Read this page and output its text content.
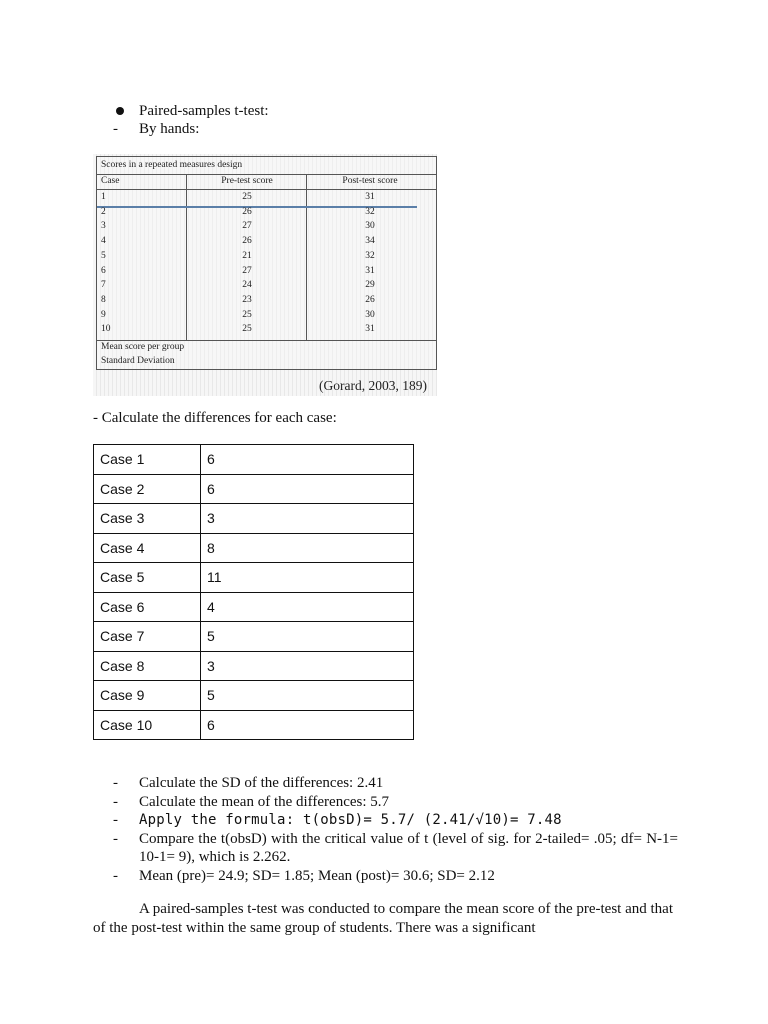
Paired-samples t-test:
-	By hands:
Scores in a repeated measures design
Case	Pre-test score	Post-test score
1	25	31
2	26	32
3	27	30
4	26	34
5	21	32
6	27	31
7	24	29
8	23	26
9	25	30
10	25	31
Mean score per group
Standard Deviation
(Gorard, 2003, 189)
- Calculate the differences for each case:
Case 1	6
Case 2	6
Case 3	3
Case 4	8
Case 5	11
Case 6	4
Case 7	5
Case 8	3
Case 9	5
Case 10	6
-	Calculate the SD of the differences: 2.41
-	Calculate the mean of the differences: 5.7
-	Apply the formula: t(obsD)= 5.7/ (2.41/√10)= 7.48
-	Compare the t(obsD) with the critical value of t (level of sig. for 2-tailed= .05; df= N-1= 10-1= 9), which is 2.262.
-	Mean (pre)= 24.9; SD= 1.85; Mean (post)= 30.6; SD= 2.12
A paired-samples t-test was conducted to compare the mean score of the pre-test and that of the post-test within the same group of students. There was a significant
